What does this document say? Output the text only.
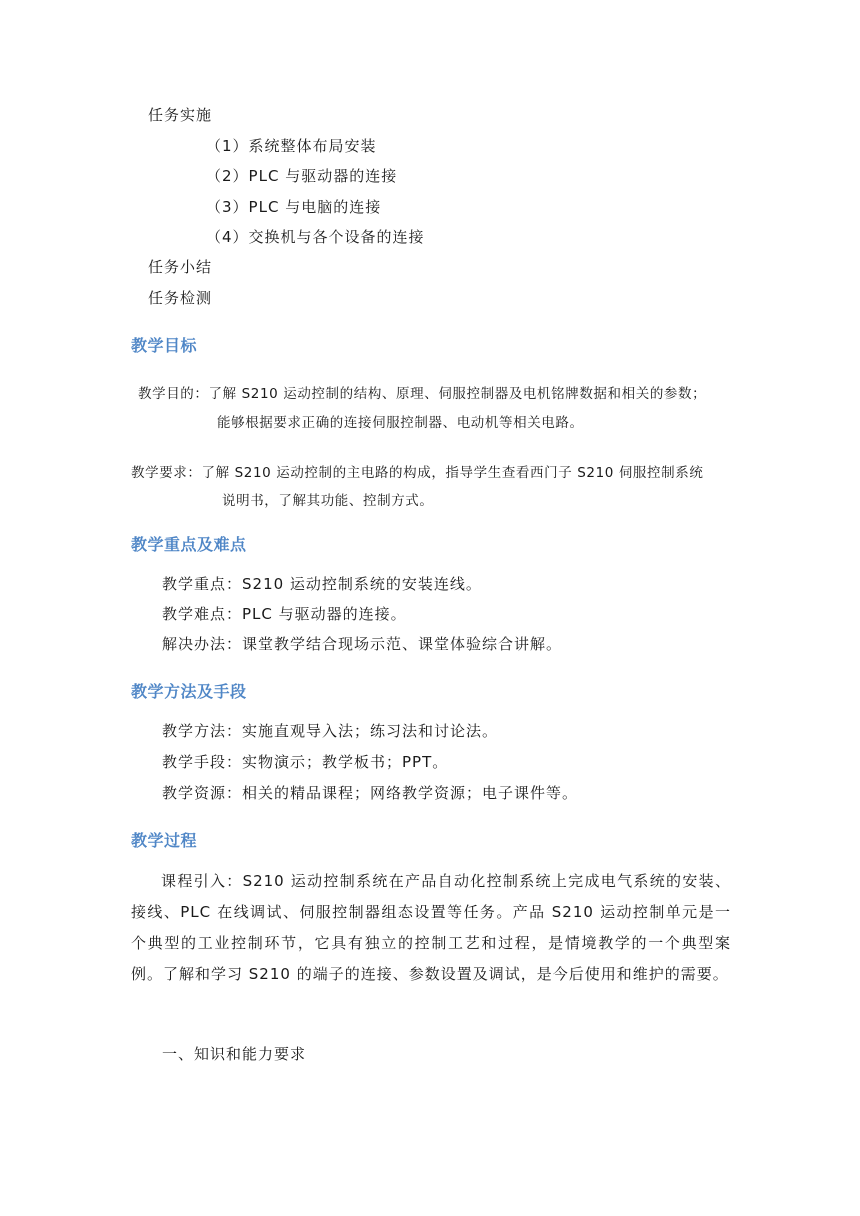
任务实施
（1）系统整体布局安装
（2）PLC 与驱动器的连接
（3）PLC 与电脑的连接
（4）交换机与各个设备的连接
任务小结
任务检测
教学目标
教学目的：了解 S210 运动控制的结构、原理、伺服控制器及电机铭牌数据和相关的参数；
能够根据要求正确的连接伺服控制器、电动机等相关电路。
教学要求：了解 S210 运动控制的主电路的构成，指导学生查看西门子 S210 伺服控制系统
说明书，了解其功能、控制方式。
教学重点及难点
教学重点：S210 运动控制系统的安装连线。
教学难点：PLC 与驱动器的连接。
解决办法：课堂教学结合现场示范、课堂体验综合讲解。
教学方法及手段
教学方法：实施直观导入法；练习法和讨论法。
教学手段：实物演示；教学板书；PPT。
教学资源：相关的精品课程；网络教学资源；电子课件等。
教学过程
课程引入：S210 运动控制系统在产品自动化控制系统上完成电气系统的安装、接线、PLC 在线调试、伺服控制器组态设置等任务。产品 S210 运动控制单元是一个典型的工业控制环节，它具有独立的控制工艺和过程，是情境教学的一个典型案例。了解和学习 S210 的端子的连接、参数设置及调试，是今后使用和维护的需要。
一、知识和能力要求
